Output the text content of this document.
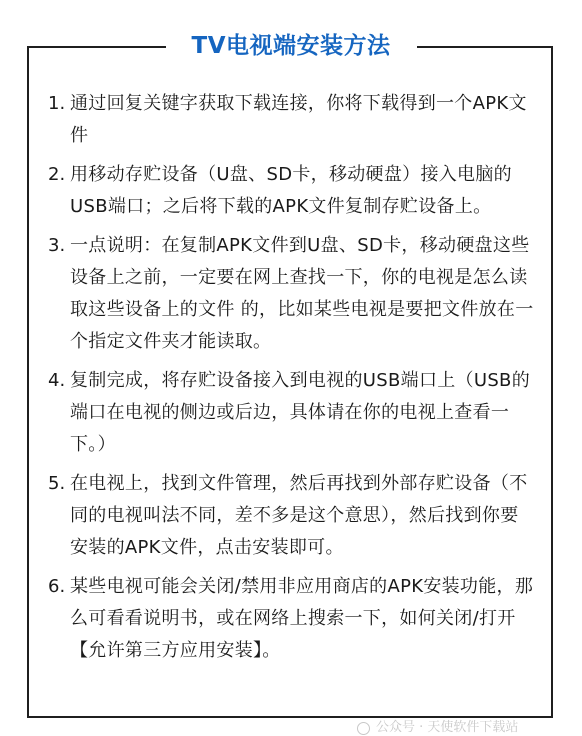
TV电视端安装方法
1. 通过回复关键字获取下载连接，你将下载得到一个APK文件
2. 用移动存贮设备（U盘、SD卡，移动硬盘）接入电脑的USB端口；之后将下载的APK文件复制存贮设备上。
3. 一点说明：在复制APK文件到U盘、SD卡，移动硬盘这些设备上之前，一定要在网上查找一下，你的电视是怎么读取这些设备上的文件 的，比如某些电视是要把文件放在一个指定文件夹才能读取。
4. 复制完成，将存贮设备接入到电视的USB端口上（USB的端口在电视的侧边或后边，具体请在你的电视上查看一下。）
5. 在电视上，找到文件管理，然后再找到外部存贮设备（不同的电视叫法不同，差不多是这个意思），然后找到你要安装的APK文件，点击安装即可。
6. 某些电视可能会关闭/禁用非应用商店的APK安装功能，那么可看看说明书，或在网络上搜索一下，如何关闭/打开【允许第三方应用安装】。
公众号 · 天使软件下载站
